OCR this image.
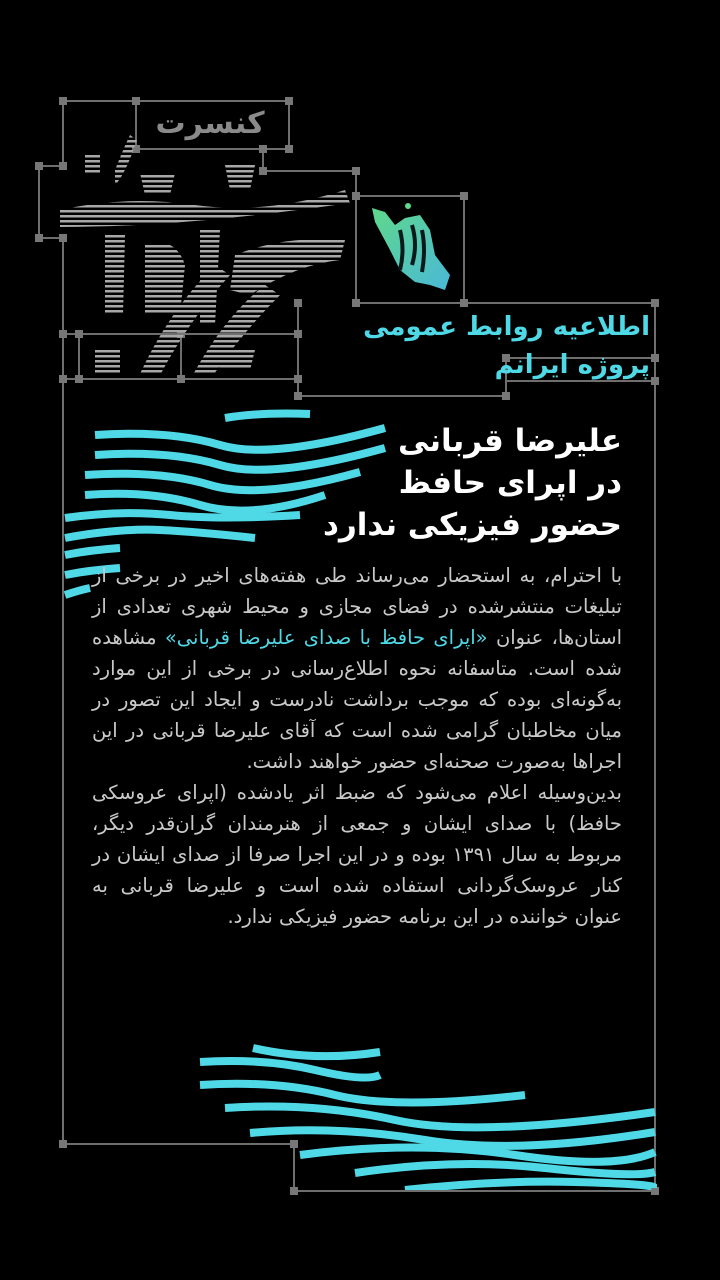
کنسرت
اطلاعیه روابط عمومی
پروژه ایرانم
علیرضا قربانی
در اپرای حافظ
حضور فیزیکی ندارد

با احترام، به استحضار می‌رساند طی هفته‌های اخیر در برخی از تبلیغات منتشرشده در فضای مجازی و محیط شهری تعدادی از استان‌ها، عنوان «اپرای حافظ با صدای علیرضا قربانی» مشاهده شده است. متاسفانه نحوه اطلاع‌رسانی در برخی از این موارد به‌گونه‌ای بوده که موجب برداشت نادرست و ایجاد این تصور در میان مخاطبان گرامی شده است که آقای علیرضا قربانی در این اجراها به‌صورت صحنه‌ای حضور خواهند داشت.

بدین‌وسیله اعلام می‌شود که ضبط اثر یادشده (اپرای عروسکی حافظ) با صدای ایشان و جمعی از هنرمندان گران‌قدر دیگر، مربوط به سال ۱۳۹۱ بوده و در این اجرا صرفا از صدای ایشان در کنار عروسک‌گردانی استفاده شده است و علیرضا قربانی به عنوان خواننده در این برنامه حضور فیزیکی ندارد.
